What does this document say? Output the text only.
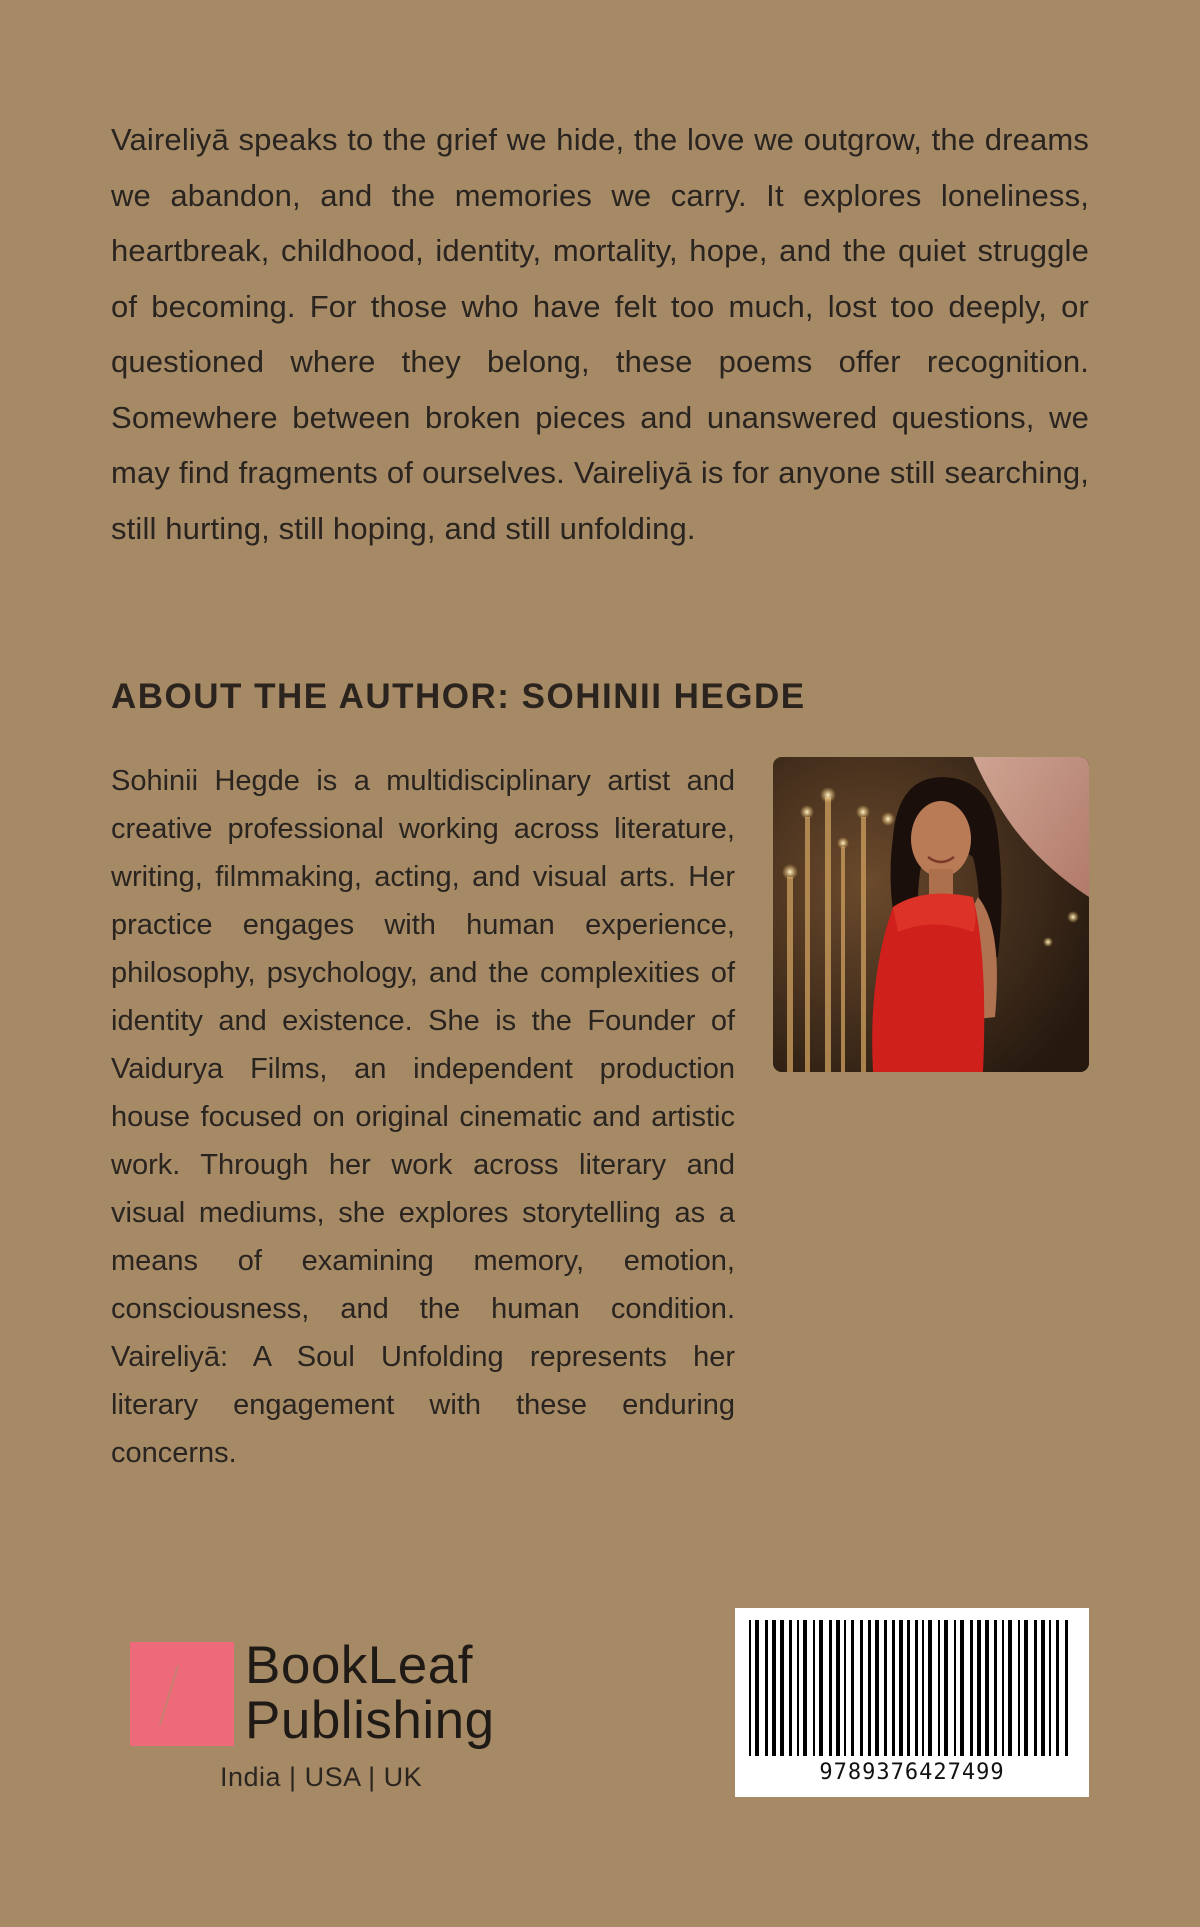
Vaireliyā speaks to the grief we hide, the love we outgrow, the dreams we abandon, and the memories we carry. It explores loneliness, heartbreak, childhood, identity, mortality, hope, and the quiet struggle of becoming. For those who have felt too much, lost too deeply, or questioned where they belong, these poems offer recognition. Somewhere between broken pieces and unanswered questions, we may find fragments of ourselves. Vaireliyā is for anyone still searching, still hurting, still hoping, and still unfolding.

ABOUT THE AUTHOR: SOHINII HEGDE

Sohinii Hegde is a multidisciplinary artist and creative professional working across literature, writing, filmmaking, acting, and visual arts. Her practice engages with human experience, philosophy, psychology, and the complexities of identity and existence. She is the Founder of Vaidurya Films, an independent production house focused on original cinematic and artistic work. Through her work across literary and visual mediums, she explores storytelling as a means of examining memory, emotion, consciousness, and the human condition. Vaireliyā: A Soul Unfolding represents her literary engagement with these enduring concerns.

BookLeaf
Publishing

India | USA | UK	9789376427499
